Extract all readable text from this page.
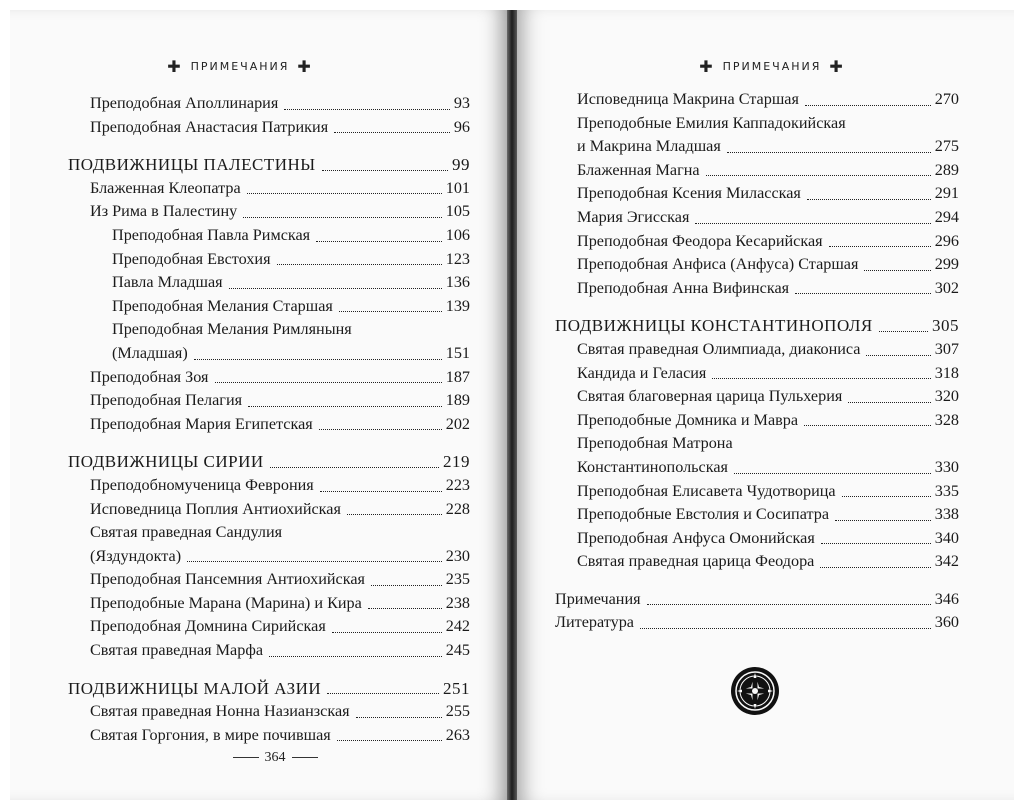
✚ ПРИМЕЧАНИЯ ✚
Преподобная Аполлинария	93
Преподобная Анастасия Патрикия	96
ПОДВИЖНИЦЫ ПАЛЕСТИНЫ	99
Блаженная Клеопатра	101
Из Рима в Палестину	105
Преподобная Павла Римская	106
Преподобная Евстохия	123
Павла Младшая	136
Преподобная Мелания Старшая	139
Преподобная Мелания Римляныня
(Младшая)	151
Преподобная Зоя	187
Преподобная Пелагия	189
Преподобная Мария Египетская	202
ПОДВИЖНИЦЫ СИРИИ	219
Преподобномученица Феврония	223
Исповедница Поплия Антиохийская	228
Святая праведная Сандулия
(Яздундокта)	230
Преподобная Пансемния Антиохийская	235
Преподобные Марана (Марина) и Кира	238
Преподобная Домнина Сирийская	242
Святая праведная Марфа	245
ПОДВИЖНИЦЫ МАЛОЙ АЗИИ	251
Святая праведная Нонна Назианзская	255
Святая Горгония, в мире почившая	263
364
✚ ПРИМЕЧАНИЯ ✚
Исповедница Макрина Старшая	270
Преподобные Емилия Каппадокийская
и Макрина Младшая	275
Блаженная Магна	289
Преподобная Ксения Миласская	291
Мария Эгисская	294
Преподобная Феодора Кесарийская	296
Преподобная Анфиса (Анфуса) Старшая	299
Преподобная Анна Вифинская	302
ПОДВИЖНИЦЫ КОНСТАНТИНОПОЛЯ	305
Святая праведная Олимпиада, диакониса	307
Кандида и Геласия	318
Святая благоверная царица Пульхерия	320
Преподобные Домника и Мавра	328
Преподобная Матрона
Константинопольская	330
Преподобная Елисавета Чудотворица	335
Преподобные Евстолия и Сосипатра	338
Преподобная Анфуса Омонийская	340
Святая праведная царица Феодора	342
Примечания	346
Литература	360
